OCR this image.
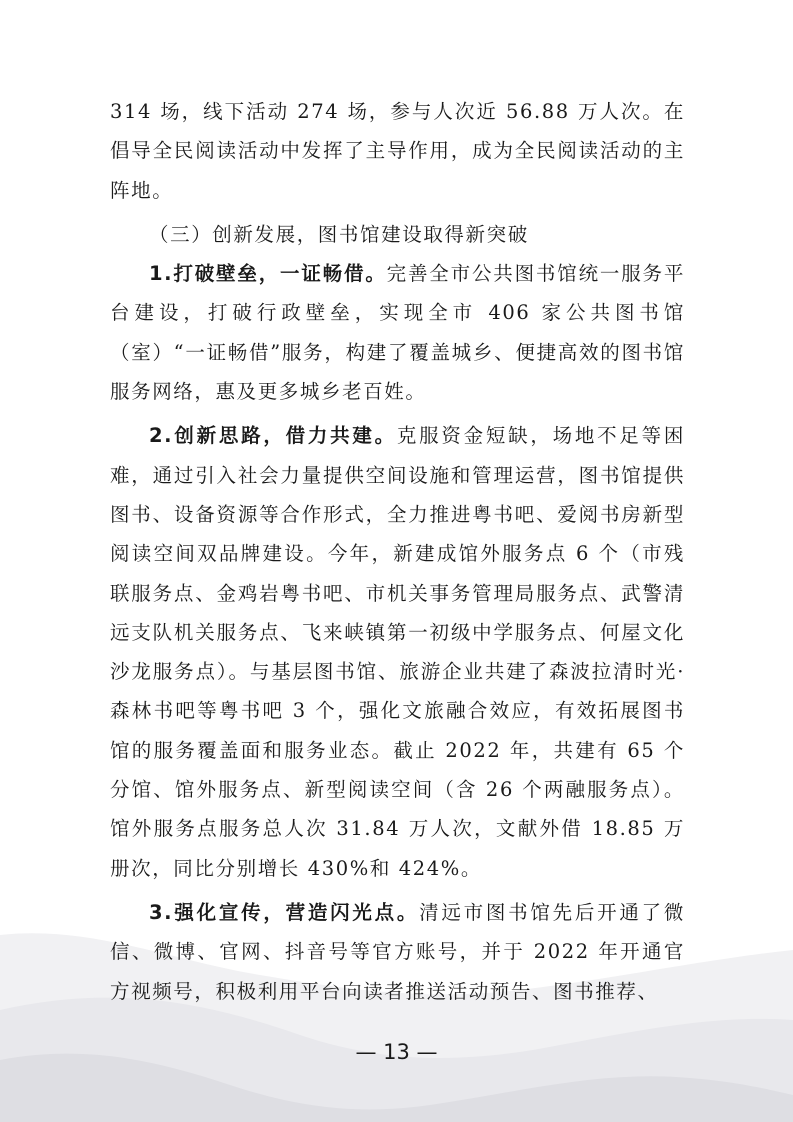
314 场，线下活动 274 场，参与人次近 56.88 万人次。在倡导全民阅读活动中发挥了主导作用，成为全民阅读活动的主阵地。

（三）创新发展，图书馆建设取得新突破

1.打破壁垒，一证畅借。完善全市公共图书馆统一服务平台建设，打破行政壁垒，实现全市 406 家公共图书馆（室）“一证畅借”服务，构建了覆盖城乡、便捷高效的图书馆服务网络，惠及更多城乡老百姓。

2.创新思路，借力共建。克服资金短缺，场地不足等困难，通过引入社会力量提供空间设施和管理运营，图书馆提供图书、设备资源等合作形式，全力推进粤书吧、爱阅书房新型阅读空间双品牌建设。今年，新建成馆外服务点 6 个（市残联服务点、金鸡岩粤书吧、市机关事务管理局服务点、武警清远支队机关服务点、飞来峡镇第一初级中学服务点、何屋文化沙龙服务点）。与基层图书馆、旅游企业共建了森波拉清时光·森林书吧等粤书吧 3 个，强化文旅融合效应，有效拓展图书馆的服务覆盖面和服务业态。截止 2022 年，共建有 65 个分馆、馆外服务点、新型阅读空间（含 26 个两融服务点）。馆外服务点服务总人次 31.84 万人次，文献外借 18.85 万册次，同比分别增长 430%和 424%。

3.强化宣传，营造闪光点。清远市图书馆先后开通了微信、微博、官网、抖音号等官方账号，并于 2022 年开通官方视频号，积极利用平台向读者推送活动预告、图书推荐、

— 13 —
